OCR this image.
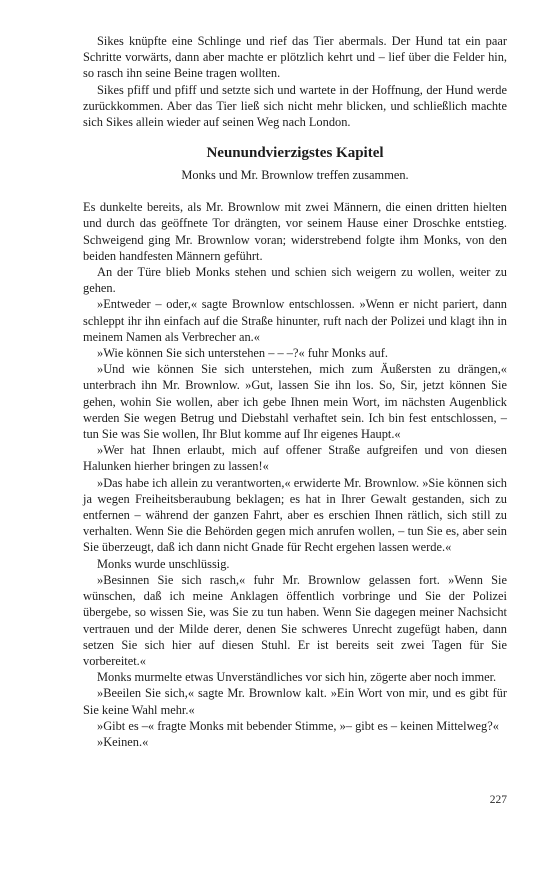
Sikes knüpfte eine Schlinge und rief das Tier abermals. Der Hund tat ein paar Schritte vorwärts, dann aber machte er plötzlich kehrt und – lief über die Felder hin, so rasch ihn seine Beine tragen wollten.

Sikes pfiff und pfiff und setzte sich und wartete in der Hoffnung, der Hund werde zurückkommen. Aber das Tier ließ sich nicht mehr blicken, und schließlich machte sich Sikes allein wieder auf seinen Weg nach London.

Neunundvierzigstes Kapitel
Monks und Mr. Brownlow treffen zusammen.

Es dunkelte bereits, als Mr. Brownlow mit zwei Männern, die einen dritten hielten und durch das geöffnete Tor drängten, vor seinem Hause einer Droschke entstieg. Schweigend ging Mr. Brownlow voran; widerstrebend folgte ihm Monks, von den beiden handfesten Männern geführt.

An der Türe blieb Monks stehen und schien sich weigern zu wollen, weiter zu gehen.

»Entweder – oder,« sagte Brownlow entschlossen. »Wenn er nicht pariert, dann schleppt ihr ihn einfach auf die Straße hinunter, ruft nach der Polizei und klagt ihn in meinem Namen als Verbrecher an.«

»Wie können Sie sich unterstehen – – –?« fuhr Monks auf.

»Und wie können Sie sich unterstehen, mich zum Äußersten zu drängen,« unterbrach ihn Mr. Brownlow. »Gut, lassen Sie ihn los. So, Sir, jetzt können Sie gehen, wohin Sie wollen, aber ich gebe Ihnen mein Wort, im nächsten Augenblick werden Sie wegen Betrug und Diebstahl verhaftet sein. Ich bin fest entschlossen, – tun Sie was Sie wollen, Ihr Blut komme auf Ihr eigenes Haupt.«

»Wer hat Ihnen erlaubt, mich auf offener Straße aufgreifen und von diesen Halunken hierher bringen zu lassen!«

»Das habe ich allein zu verantworten,« erwiderte Mr. Brownlow. »Sie können sich ja wegen Freiheitsberaubung beklagen; es hat in Ihrer Gewalt gestanden, sich zu entfernen – während der ganzen Fahrt, aber es erschien Ihnen rätlich, sich still zu verhalten. Wenn Sie die Behörden gegen mich anrufen wollen, – tun Sie es, aber sein Sie überzeugt, daß ich dann nicht Gnade für Recht ergehen lassen werde.«

Monks wurde unschlüssig.

»Besinnen Sie sich rasch,« fuhr Mr. Brownlow gelassen fort. »Wenn Sie wünschen, daß ich meine Anklagen öffentlich vorbringe und Sie der Polizei übergebe, so wissen Sie, was Sie zu tun haben. Wenn Sie dagegen meiner Nachsicht vertrauen und der Milde derer, denen Sie schweres Unrecht zugefügt haben, dann setzen Sie sich hier auf diesen Stuhl. Er ist bereits seit zwei Tagen für Sie vorbereitet.«

Monks murmelte etwas Unverständliches vor sich hin, zögerte aber noch immer.

»Beeilen Sie sich,« sagte Mr. Brownlow kalt. »Ein Wort von mir, und es gibt für Sie keine Wahl mehr.«

»Gibt es –« fragte Monks mit bebender Stimme, »– gibt es – keinen Mittelweg?«

»Keinen.«

227
